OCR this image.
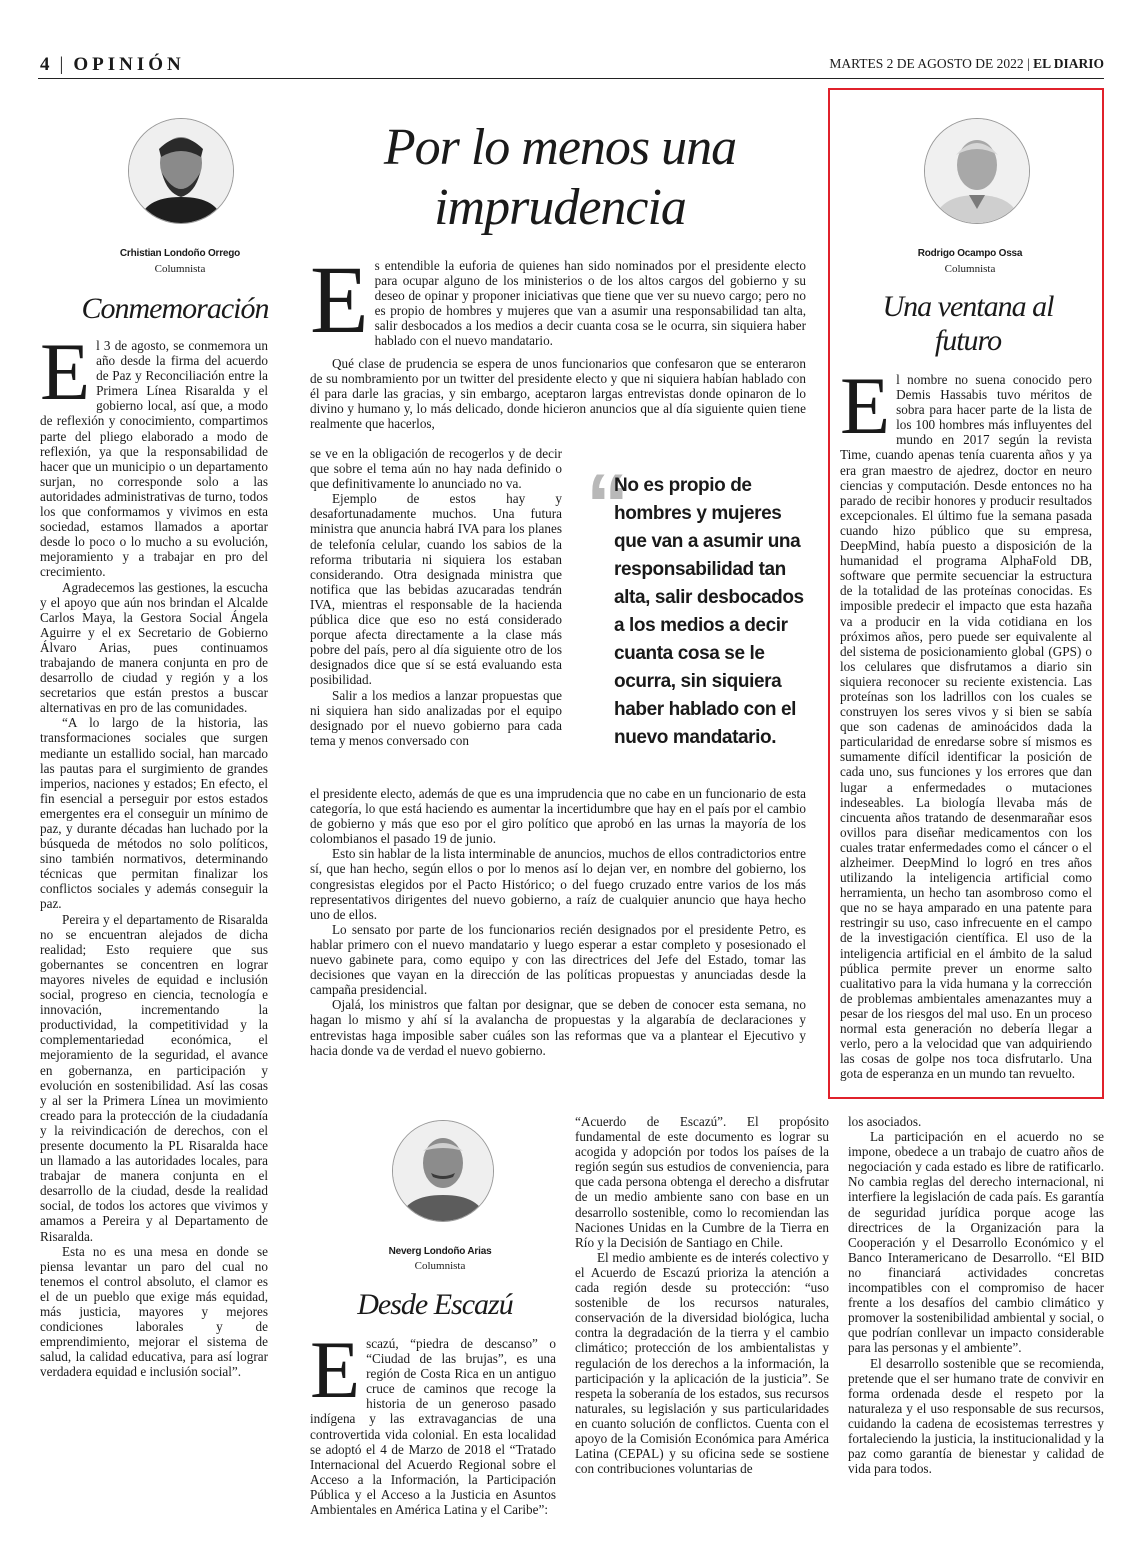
4 | OPINIÓN	MARTES 2 DE AGOSTO DE 2022 | EL DIARIO
Crhistian Londoño Orrego
Columnista
Conmemoración

El 3 de agosto, se conmemora un año desde la firma del acuerdo de Paz y Reconciliación entre la Primera Línea Risaralda y el gobierno local, así que, a modo de reflexión y conocimiento, compartimos parte del pliego elaborado a modo de reflexión, ya que la responsabilidad de hacer que un municipio o un departamento surjan, no corresponde solo a las autoridades administrativas de turno, todos los que conformamos y vivimos en esta sociedad, estamos llamados a aportar desde lo poco o lo mucho a su evolución, mejoramiento y a trabajar en pro del crecimiento.

Agradecemos las gestiones, la escucha y el apoyo que aún nos brindan el Alcalde Carlos Maya, la Gestora Social Ángela Aguirre y el ex Secretario de Gobierno Álvaro Arias, pues continuamos trabajando de manera conjunta en pro de desarrollo de ciudad y región y a los secretarios que están prestos a buscar alternativas en pro de las comunidades.

“A lo largo de la historia, las transformaciones sociales que surgen mediante un estallido social, han marcado las pautas para el surgimiento de grandes imperios, naciones y estados; En efecto, el fin esencial a perseguir por estos estados emergentes era el conseguir un mínimo de paz, y durante décadas han luchado por la búsqueda de métodos no solo políticos, sino también normativos, determinando técnicas que permitan finalizar los conflictos sociales y además conseguir la paz.

Pereira y el departamento de Risaralda no se encuentran alejados de dicha realidad; Esto requiere que sus gobernantes se concentren en lograr mayores niveles de equidad e inclusión social, progreso en ciencia, tecnología e innovación, incrementando la productividad, la competitividad y la complementariedad económica, el mejoramiento de la seguridad, el avance en gobernanza, en participación y evolución en sostenibilidad. Así las cosas y al ser la Primera Línea un movimiento creado para la protección de la ciudadanía y la reivindicación de derechos, con el presente documento la PL Risaralda hace un llamado a las autoridades locales, para trabajar de manera conjunta en el desarrollo de la ciudad, desde la realidad social, de todos los actores que vivimos y amamos a Pereira y al Departamento de Risaralda.

Esta no es una mesa en donde se piensa levantar un paro del cual no tenemos el control absoluto, el clamor es el de un pueblo que exige más equidad, más justicia, mayores y mejores condiciones laborales y de emprendimiento, mejorar el sistema de salud, la calidad educativa, para así lograr verdadera equidad e inclusión social”.

Por lo menos una
imprudencia

Es entendible la euforia de quienes han sido nominados por el presidente electo para ocupar alguno de los ministerios o de los altos cargos del gobierno y su deseo de opinar y proponer iniciativas que tiene que ver su nuevo cargo; pero no es propio de hombres y mujeres que van a asumir una responsabilidad tan alta, salir desbocados a los medios a decir cuanta cosa se le ocurra, sin siquiera haber hablado con el nuevo mandatario.

Qué clase de prudencia se espera de unos funcionarios que confesaron que se enteraron de su nombramiento por un twitter del presidente electo y que ni siquiera habían hablado con él para darle las gracias, y sin embargo, aceptaron largas entrevistas donde opinaron de lo divino y humano y, lo más delicado, donde hicieron anuncios que al día siguiente quien tiene realmente que hacerlos,

se ve en la obligación de recogerlos y de decir que sobre el tema aún no hay nada definido o que definitivamente lo anunciado no va.

Ejemplo de estos hay y desafortunadamente muchos. Una futura ministra que anuncia habrá IVA para los planes de telefonía celular, cuando los sabios de la reforma tributaria ni siquiera los estaban considerando. Otra designada ministra que notifica que las bebidas azucaradas tendrán IVA, mientras el responsable de la hacienda pública dice que eso no está considerado porque afecta directamente a la clase más pobre del país, pero al día siguiente otro de los designados dice que sí se está evaluando esta posibilidad.

Salir a los medios a lanzar propuestas que ni siquiera han sido analizadas por el equipo designado por el nuevo gobierno para cada tema y menos conversado con

“
No es propio de hombres y mujeres que van a asumir una responsabilidad tan alta, salir desbocados a los medios a decir cuanta cosa se le ocurra, sin siquiera haber hablado con el nuevo mandatario.

el presidente electo, además de que es una imprudencia que no cabe en un funcionario de esta categoría, lo que está haciendo es aumentar la incertidumbre que hay en el país por el cambio de gobierno y más que eso por el giro político que aprobó en las urnas la mayoría de los colombianos el pasado 19 de junio.

Esto sin hablar de la lista interminable de anuncios, muchos de ellos contradictorios entre sí, que han hecho, según ellos o por lo menos así lo dejan ver, en nombre del gobierno, los congresistas elegidos por el Pacto Histórico; o del fuego cruzado entre varios de los más representativos dirigentes del nuevo gobierno, a raíz de cualquier anuncio que haya hecho uno de ellos.

Lo sensato por parte de los funcionarios recién designados por el presidente Petro, es hablar primero con el nuevo mandatario y luego esperar a estar completo y posesionado el nuevo gabinete para, como equipo y con las directrices del Jefe del Estado, tomar las decisiones que vayan en la dirección de las políticas propuestas y anunciadas desde la campaña presidencial.

Ojalá, los ministros que faltan por designar, que se deben de conocer esta semana, no hagan lo mismo y ahí sí la avalancha de propuestas y la algarabía de declaraciones y entrevistas haga imposible saber cuáles son las reformas que va a plantear el Ejecutivo y hacia donde va de verdad el nuevo gobierno.

Rodrigo Ocampo Ossa
Columnista
Una ventana al
futuro

El nombre no suena conocido pero Demis Hassabis tuvo méritos de sobra para hacer parte de la lista de los 100 hombres más influyentes del mundo en 2017 según la revista Time, cuando apenas tenía cuarenta años y ya era gran maestro de ajedrez, doctor en neuro ciencias y computación. Desde entonces no ha parado de recibir honores y producir resultados excepcionales. El último fue la semana pasada cuando hizo público que su empresa, DeepMind, había puesto a disposición de la humanidad el programa AlphaFold DB, software que permite secuenciar la estructura de la totalidad de las proteínas conocidas. Es imposible predecir el impacto que esta hazaña va a producir en la vida cotidiana en los próximos años, pero puede ser equivalente al del sistema de posicionamiento global (GPS) o los celulares que disfrutamos a diario sin siquiera reconocer su reciente existencia. Las proteínas son los ladrillos con los cuales se construyen los seres vivos y si bien se sabía que son cadenas de aminoácidos dada la particularidad de enredarse sobre sí mismos es sumamente difícil identificar la posición de cada uno, sus funciones y los errores que dan lugar a enfermedades o mutaciones indeseables. La biología llevaba más de cincuenta años tratando de desenmarañar esos ovillos para diseñar medicamentos con los cuales tratar enfermedades como el cáncer o el alzheimer. DeepMind lo logró en tres años utilizando la inteligencia artificial como herramienta, un hecho tan asombroso como el que no se haya amparado en una patente para restringir su uso, caso infrecuente en el campo de la investigación científica. El uso de la inteligencia artificial en el ámbito de la salud pública permite prever un enorme salto cualitativo para la vida humana y la corrección de problemas ambientales amenazantes muy a pesar de los riesgos del mal uso. En un proceso normal esta generación no debería llegar a verlo, pero a la velocidad que van adquiriendo las cosas de golpe nos toca disfrutarlo. Una gota de esperanza en un mundo tan revuelto.

Neverg Londoño Arias
Columnista
Desde Escazú

Escazú, “piedra de descanso” o “Ciudad de las brujas”, es una región de Costa Rica en un antiguo cruce de caminos que recoge la historia de un generoso pasado indígena y las extravagancias de una controvertida vida colonial. En esta localidad se adoptó el 4 de Marzo de 2018 el “Tratado Internacional del Acuerdo Regional sobre el Acceso a la Información, la Participación Pública y el Acceso a la Justicia en Asuntos Ambientales en América Latina y el Caribe”:

“Acuerdo de Escazú”. El propósito fundamental de este documento es lograr su acogida y adopción por todos los países de la región según sus estudios de conveniencia, para que cada persona obtenga el derecho a disfrutar de un medio ambiente sano con base en un desarrollo sostenible, como lo recomiendan las Naciones Unidas en la Cumbre de la Tierra en Río y la Decisión de Santiago en Chile.

El medio ambiente es de interés colectivo y el Acuerdo de Escazú prioriza la atención a cada región desde su protección: “uso sostenible de los recursos naturales, conservación de la diversidad biológica, lucha contra la degradación de la tierra y el cambio climático; protección de los ambientalistas y regulación de los derechos a la información, la participación y la aplicación de la justicia”. Se respeta la soberanía de los estados, sus recursos naturales, su legislación y sus particularidades en cuanto solución de conflictos. Cuenta con el apoyo de la Comisión Económica para América Latina (CEPAL) y su oficina sede se sostiene con contribuciones voluntarias de

los asociados.

La participación en el acuerdo no se impone, obedece a un trabajo de cuatro años de negociación y cada estado es libre de ratificarlo. No cambia reglas del derecho internacional, ni interfiere la legislación de cada país. Es garantía de seguridad jurídica porque acoge las directrices de la Organización para la Cooperación y el Desarrollo Económico y el Banco Interamericano de Desarrollo. “El BID no financiará actividades concretas incompatibles con el compromiso de hacer frente a los desafíos del cambio climático y promover la sostenibilidad ambiental y social, o que podrían conllevar un impacto considerable para las personas y el ambiente”.

El desarrollo sostenible que se recomienda, pretende que el ser humano trate de convivir en forma ordenada desde el respeto por la naturaleza y el uso responsable de sus recursos, cuidando la cadena de ecosistemas terrestres y fortaleciendo la justicia, la institucionalidad y la paz como garantía de bienestar y calidad de vida para todos.
